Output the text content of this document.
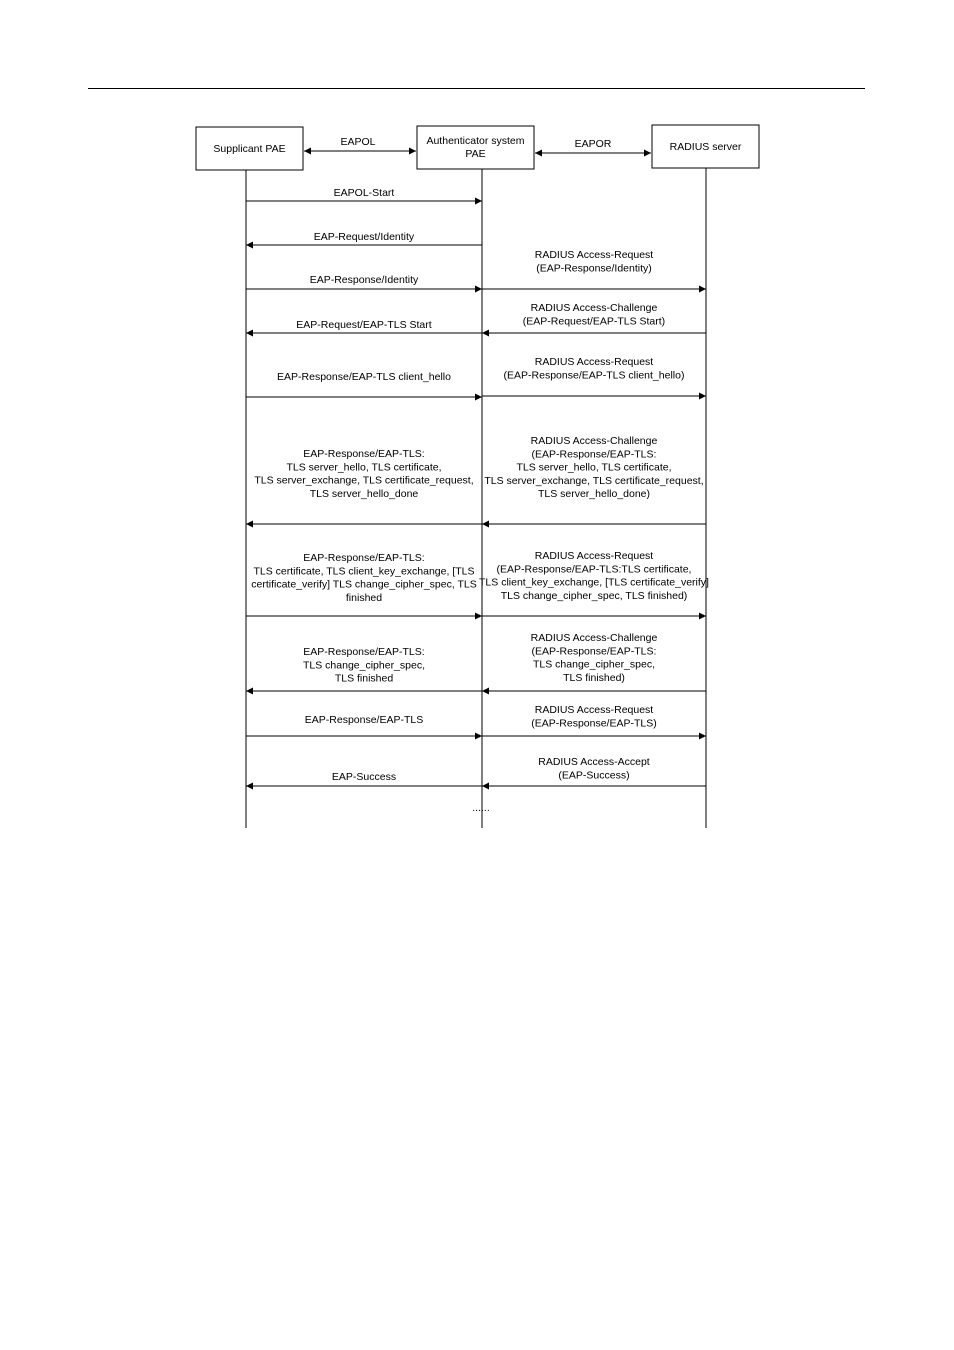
Supplicant PAE
Authenticator system
PAE
RADIUS server
EAPOL	EAPOR
EAPOL-Start
EAP-Request/Identity
EAP-Response/Identity
EAP-Request/EAP-TLS Start
EAP-Response/EAP-TLS client_hello
EAP-Response/EAP-TLS:
TLS server_hello, TLS certificate,
TLS server_exchange, TLS certificate_request,
TLS server_hello_done
EAP-Response/EAP-TLS:
TLS certificate, TLS client_key_exchange, [TLS
certificate_verify] TLS change_cipher_spec, TLS
finished
EAP-Response/EAP-TLS:
TLS change_cipher_spec,
TLS finished
EAP-Response/EAP-TLS
EAP-Success
RADIUS Access-Request
(EAP-Response/Identity)
RADIUS Access-Challenge
(EAP-Request/EAP-TLS Start)
RADIUS Access-Request
(EAP-Response/EAP-TLS client_hello)
RADIUS Access-Challenge
(EAP-Response/EAP-TLS:
TLS server_hello, TLS certificate,
TLS server_exchange, TLS certificate_request,
TLS server_hello_done)
RADIUS Access-Request
(EAP-Response/EAP-TLS:TLS certificate,
TLS client_key_exchange, [TLS certificate_verify]
TLS change_cipher_spec, TLS finished)
RADIUS Access-Challenge
(EAP-Response/EAP-TLS:
TLS change_cipher_spec,
TLS finished)
RADIUS Access-Request
(EAP-Response/EAP-TLS)
RADIUS Access-Accept
(EAP-Success)
......
